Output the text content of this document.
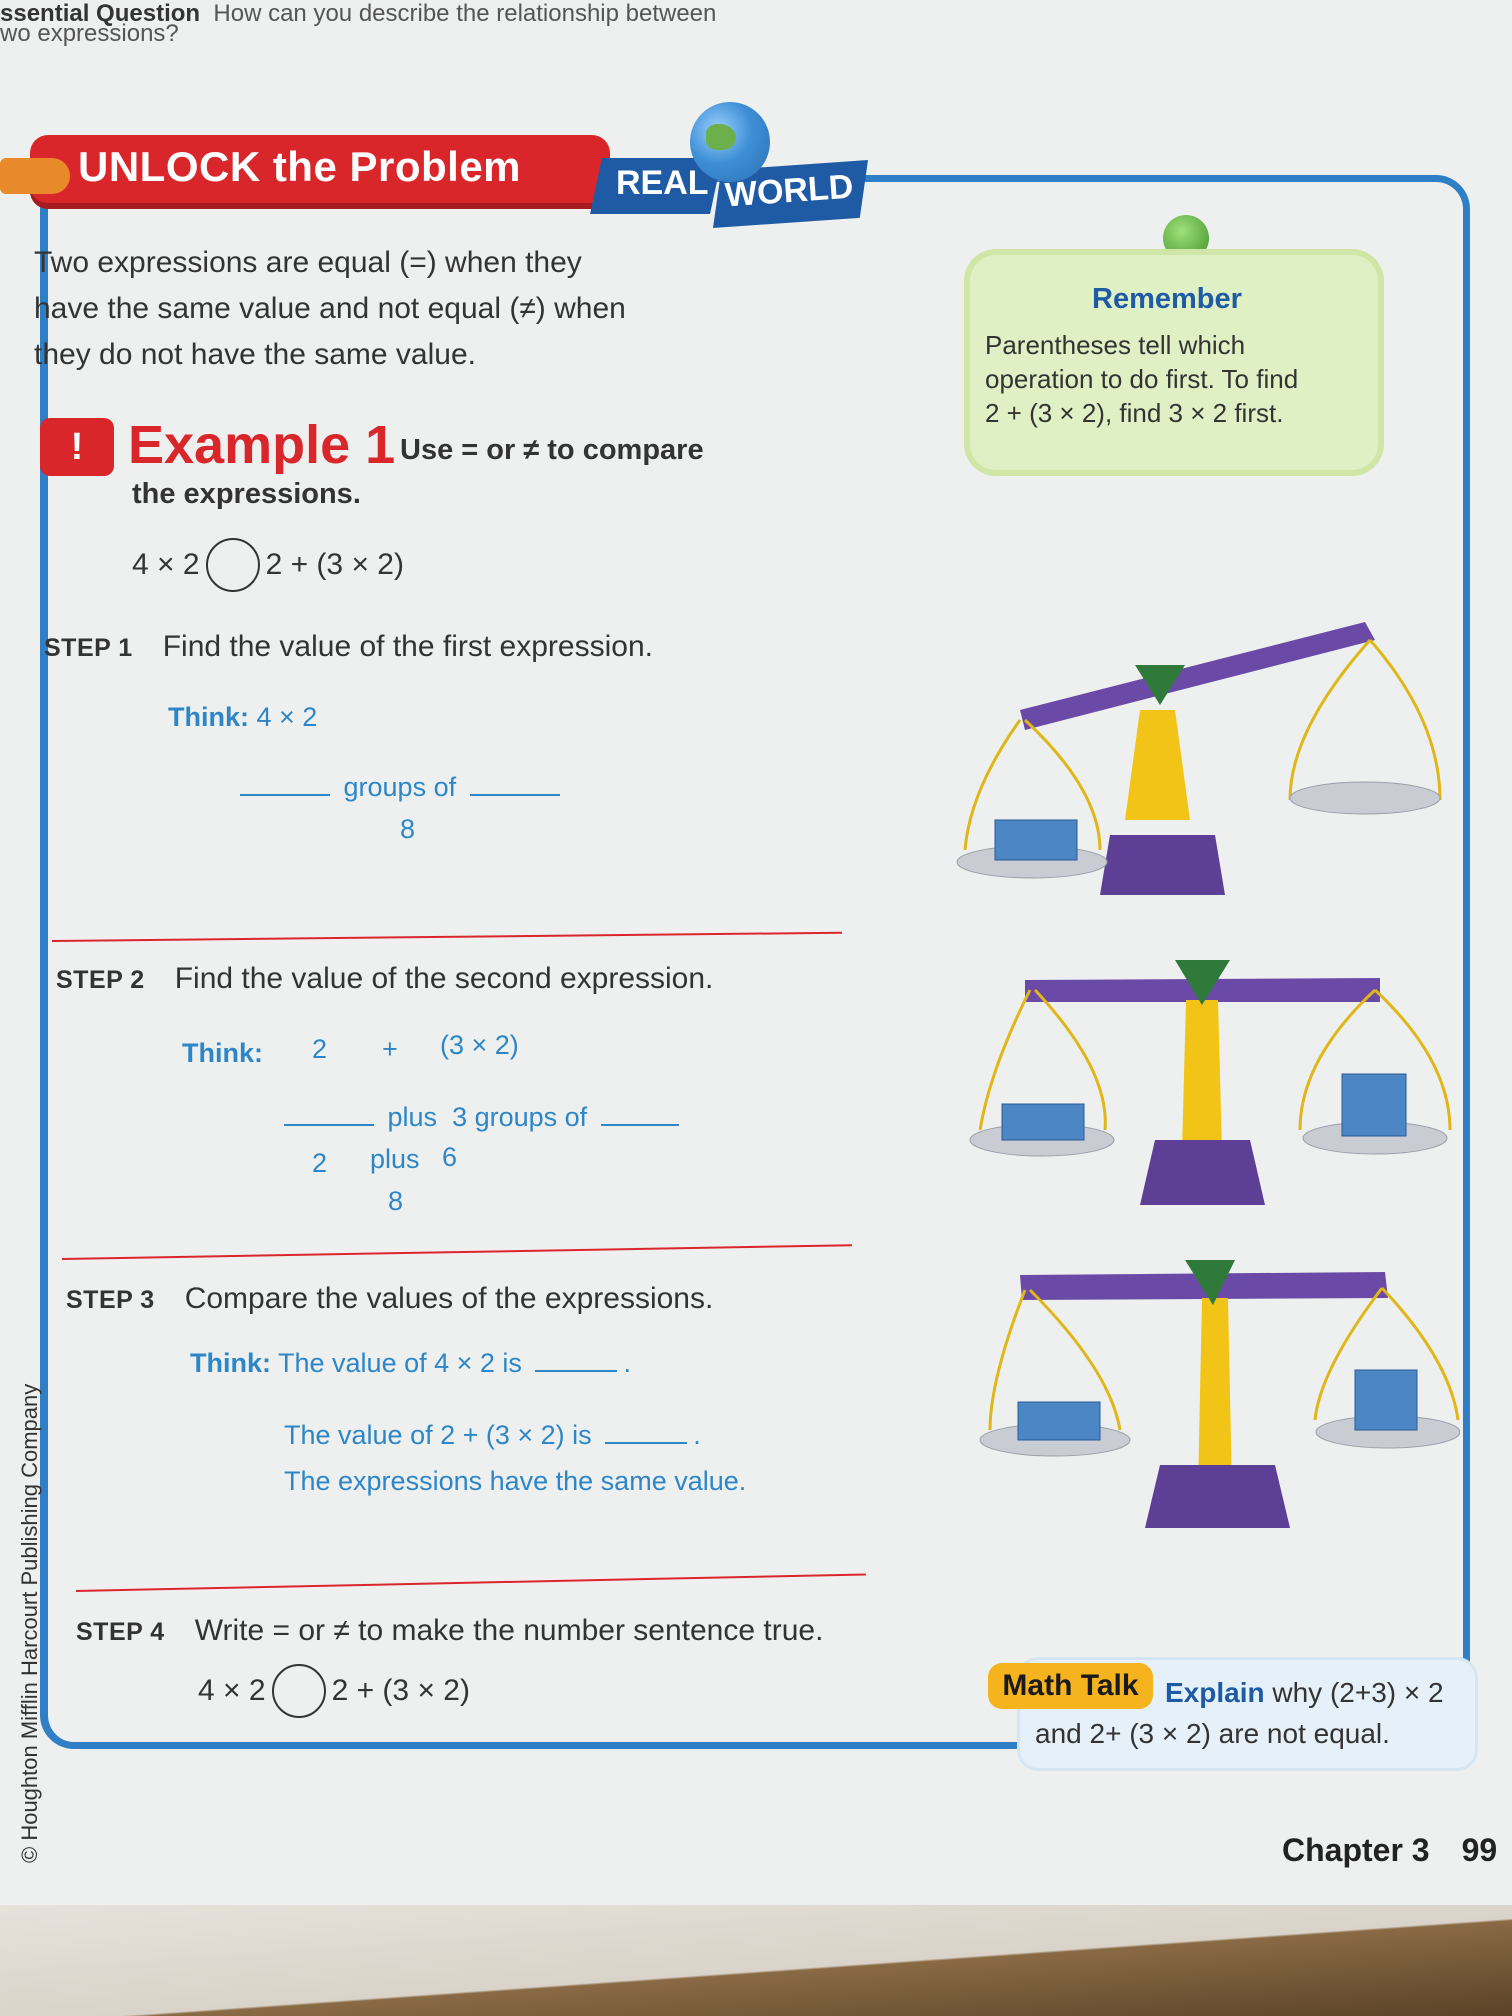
ssential Question How can you describe the relationship between
wo expressions?
UNLOCK the Problem	REAL WORLD
Two expressions are equal (=) when they
have the same value and not equal (≠) when
they do not have the same value.
Remember
Parentheses tell which
operation to do first. To find
2 + (3 × 2), find 3 × 2 first.
! Example 1 Use = or ≠ to compare
the expressions.
4 × 2 2 + (3 × 2)
STEP 1 Find the value of the first expression.
Think: 4 × 2
groups of
8
STEP 2 Find the value of the second expression.
Think: 2 + (3 × 2)
plus 3 groups of
2 plus 6
8
STEP 3 Compare the values of the expressions.
Think: The value of 4 × 2 is	.
The value of 2 + (3 × 2) is	.
The expressions have the same value.
STEP 4 Write = or ≠ to make the number sentence true.
4 × 2 2 + (3 × 2)	Math Talk Explain why (2+3) × 2
and 2+ (3 × 2) are not equal.
© Houghton Mifflin Harcourt Publishing Company	Chapter 3 99
